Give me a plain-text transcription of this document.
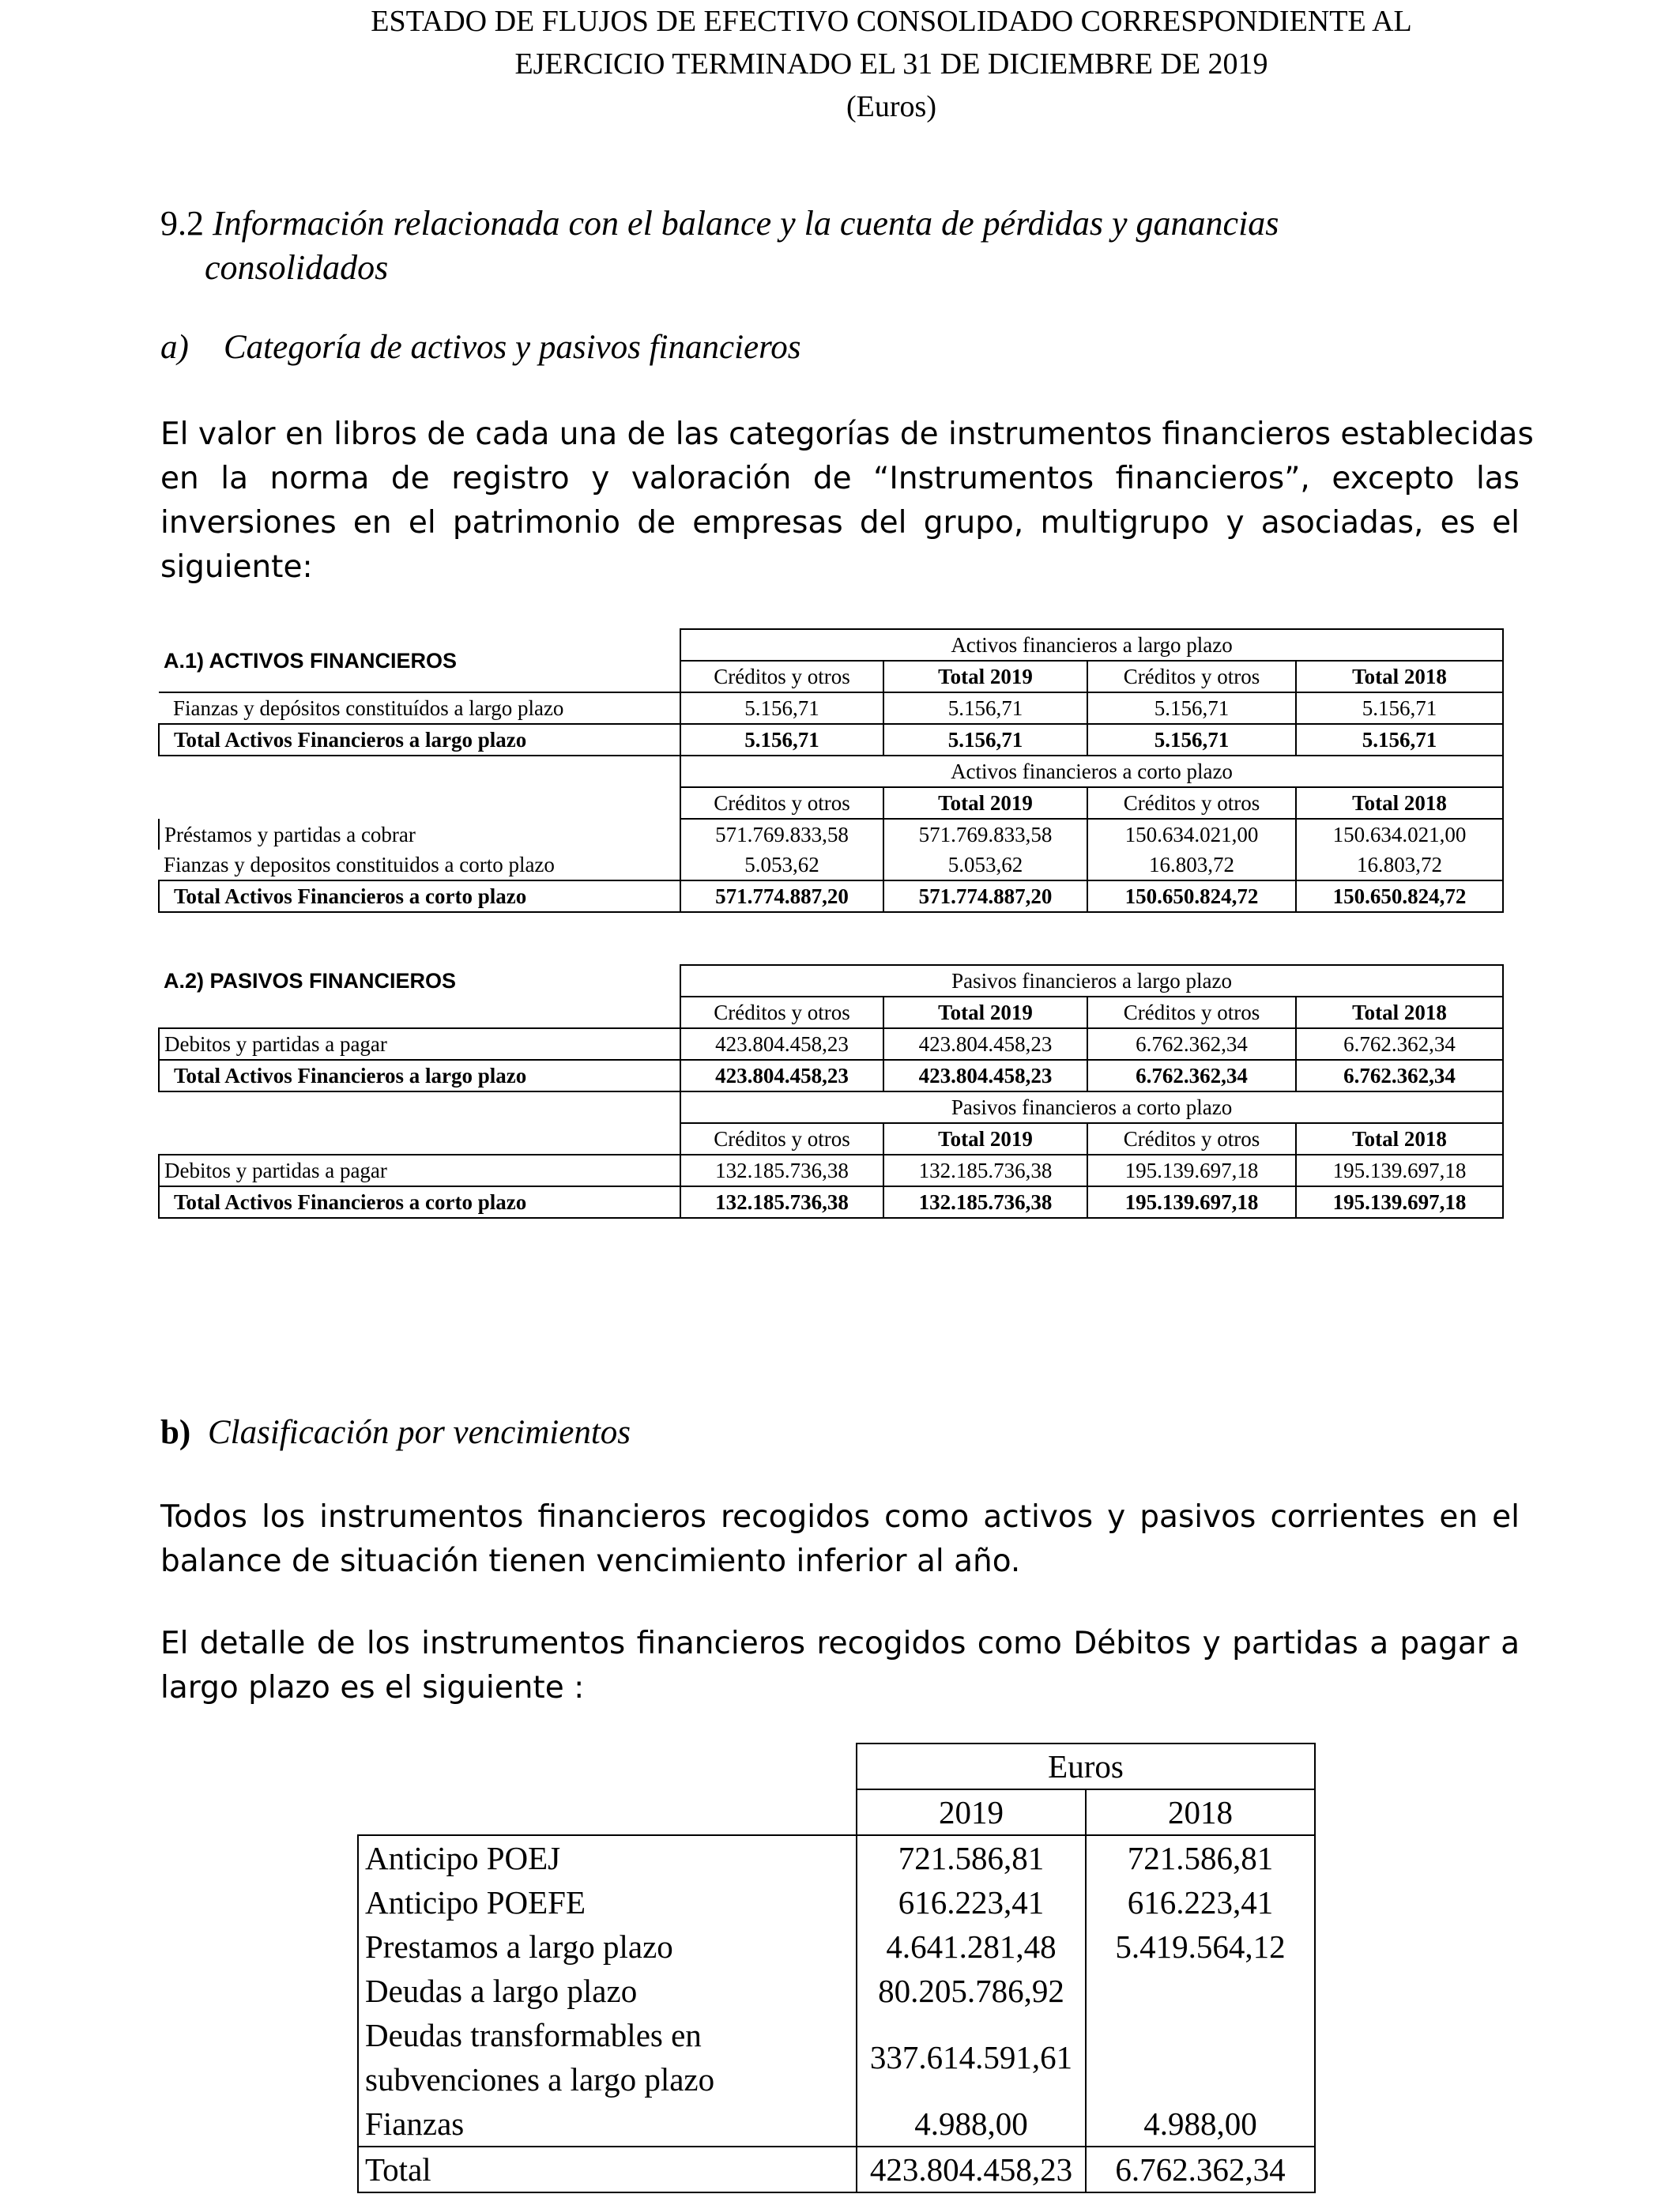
ESTADO DE FLUJOS DE EFECTIVO CONSOLIDADO CORRESPONDIENTE AL
EJERCICIO TERMINADO EL 31 DE DICIEMBRE DE 2019
(Euros)
9.2 Información relacionada con el balance y la cuenta de pérdidas y ganancias
consolidados
a) Categoría de activos y pasivos financieros
El valor en libros de cada una de las categorías de instrumentos financieros establecidas
en la norma de registro y valoración de “Instrumentos financieros”, excepto las
inversiones en el patrimonio de empresas del grupo, multigrupo y asociadas, es el
siguiente:
A.1) ACTIVOS FINANCIEROS	Activos financieros a largo plazo			
	Créditos y otros	Total 2019	Créditos y otros	Total 2018
Fianzas y depósitos constituídos a largo plazo	5.156,71	5.156,71	5.156,71	5.156,71
Total Activos Financieros a largo plazo	5.156,71	5.156,71	5.156,71	5.156,71
	Activos financieros a corto plazo			
	Créditos y otros	Total 2019	Créditos y otros	Total 2018
Préstamos y partidas a cobrar	571.769.833,58	571.769.833,58	150.634.021,00	150.634.021,00
Fianzas y depositos constituidos a corto plazo	5.053,62	5.053,62	16.803,72	16.803,72
Total Activos Financieros a corto plazo	571.774.887,20	571.774.887,20	150.650.824,72	150.650.824,72
A.2) PASIVOS FINANCIEROS	Pasivos financieros a largo plazo			
	Créditos y otros	Total 2019	Créditos y otros	Total 2018
Debitos y partidas a pagar	423.804.458,23	423.804.458,23	6.762.362,34	6.762.362,34
Total Activos Financieros a largo plazo	423.804.458,23	423.804.458,23	6.762.362,34	6.762.362,34
	Pasivos financieros a corto plazo			
	Créditos y otros	Total 2019	Créditos y otros	Total 2018
Debitos y partidas a pagar	132.185.736,38	132.185.736,38	195.139.697,18	195.139.697,18
Total Activos Financieros a corto plazo	132.185.736,38	132.185.736,38	195.139.697,18	195.139.697,18
b) Clasificación por vencimientos
Todos los instrumentos financieros recogidos como activos y pasivos corrientes en el
balance de situación tienen vencimiento inferior al año.
El detalle de los instrumentos financieros recogidos como Débitos y partidas a pagar a
largo plazo es el siguiente :
	Euros	
	2019	2018
Anticipo POEJ	721.586,81	721.586,81
Anticipo POEFE	616.223,41	616.223,41
Prestamos a largo plazo	4.641.281,48	5.419.564,12
Deudas a largo plazo	80.205.786,92	

Deudas transformables en
subvenciones a largo plazo	337.614.591,61	
Fianzas	4.988,00	4.988,00
Total	423.804.458,23	6.762.362,34
